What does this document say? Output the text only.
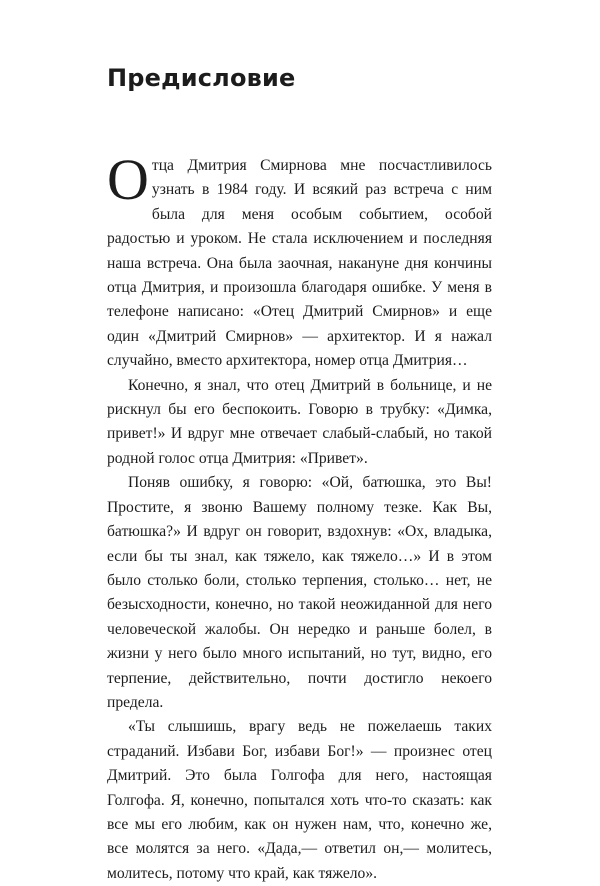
Предисловие

Отца Дмитрия Смирнова мне посчастливилось узнать в 1984 году. И всякий раз встреча с ним была для меня особым событием, особой радостью и уроком. Не стала исключением и последняя наша встреча. Она была заочная, накануне дня кончины отца Дмитрия, и произошла благодаря ошибке. У меня в телефоне написано: «Отец Дмитрий Смирнов» и еще один «Дмитрий Смирнов» — архитектор. И я нажал случайно, вместо архитектора, номер отца Дмитрия…

Конечно, я знал, что отец Дмитрий в больнице, и не рискнул бы его беспокоить. Говорю в трубку: «Димка, привет!» И вдруг мне отвечает слабый-слабый, но такой родной голос отца Дмитрия: «Привет».

Поняв ошибку, я говорю: «Ой, батюшка, это Вы! Простите, я звоню Вашему полному тезке. Как Вы, батюшка?» И вдруг он говорит, вздохнув: «Ох, владыка, если бы ты знал, как тяжело, как тяжело…» И в этом было столько боли, столько терпения, столько… нет, не безысходности, конечно, но такой неожиданной для него человеческой жалобы. Он нередко и раньше болел, в жизни у него было много испытаний, но тут, видно, его терпение, действительно, почти достигло некоего предела.

«Ты слышишь, врагу ведь не пожелаешь таких страданий. Избави Бог, избави Бог!» — произнес отец Дмитрий. Это была Голгофа для него, настоящая Голгофа. Я, конечно, попытался хоть что-то сказать: как все мы его любим, как он нужен нам, что, конечно же, все молятся за него. «Дада,— ответил он,— молитесь, молитесь, потому что край, как тяжело».
